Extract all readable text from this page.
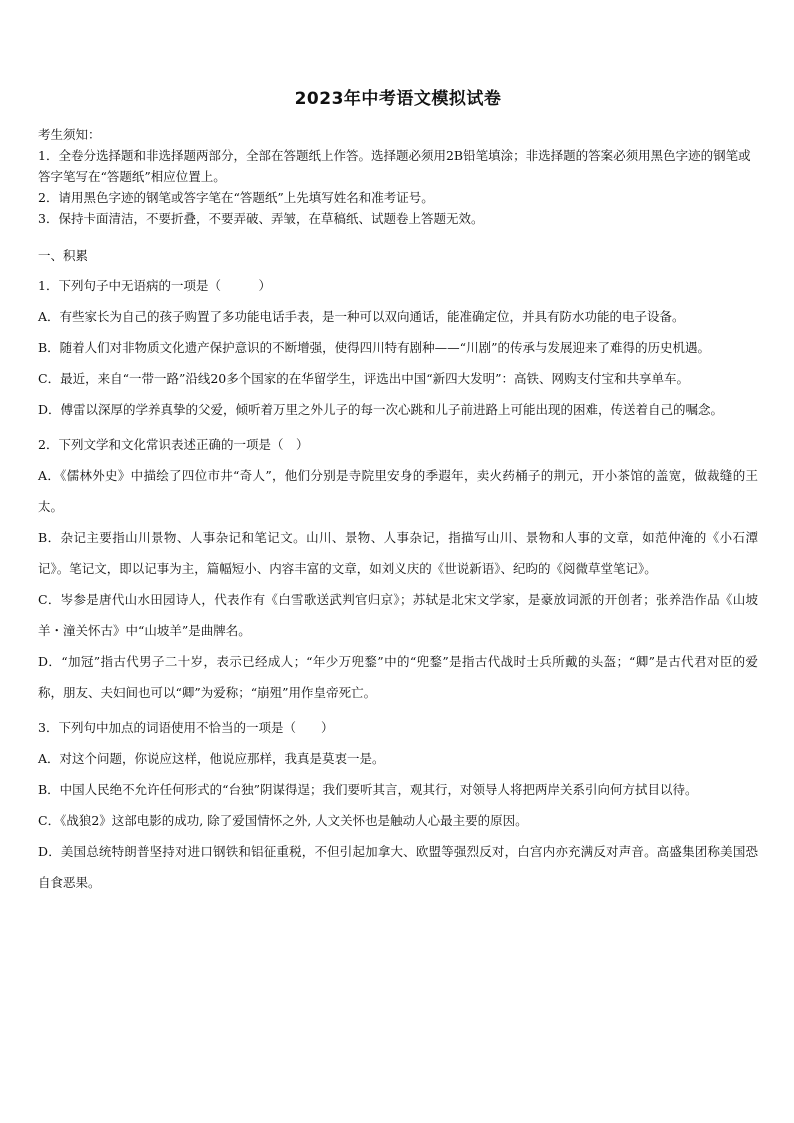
2023年中考语文模拟试卷

考生须知：

1．全卷分选择题和非选择题两部分，全部在答题纸上作答。选择题必须用2B铅笔填涂；非选择题的答案必须用黑色字迹的钢笔或答字笔写在“答题纸”相应位置上。

2．请用黑色字迹的钢笔或答字笔在“答题纸”上先填写姓名和准考证号。

3．保持卡面清洁，不要折叠，不要弄破、弄皱，在草稿纸、试题卷上答题无效。

一、积累

1．下列句子中无语病的一项是（　　　）

A．有些家长为自己的孩子购置了多功能电话手表，是一种可以双向通话，能准确定位，并具有防水功能的电子设备。

B．随着人们对非物质文化遗产保护意识的不断增强，使得四川特有剧种——“川剧”的传承与发展迎来了难得的历史机遇。

C．最近，来自“一带一路”沿线20多个国家的在华留学生，评选出中国“新四大发明”：高铁、网购支付宝和共享单车。

D．傅雷以深厚的学养真挚的父爱，倾听着万里之外儿子的每一次心跳和儿子前进路上可能出现的困难，传送着自己的嘱念。

2．下列文学和文化常识表述正确的一项是（　）

A．《儒林外史》中描绘了四位市井“奇人”，他们分别是寺院里安身的季遐年，卖火药桶子的荆元，开小茶馆的盖宽，做裁缝的王太。

B．杂记主要指山川景物、人事杂记和笔记文。山川、景物、人事杂记，指描写山川、景物和人事的文章，如范仲淹的《小石潭记》。笔记文，即以记事为主，篇幅短小、内容丰富的文章，如刘义庆的《世说新语》、纪昀的《阅微草堂笔记》。

C．岑参是唐代山水田园诗人，代表作有《白雪歌送武判官归京》；苏轼是北宋文学家，是豪放词派的开创者；张养浩作品《山坡羊・潼关怀古》中“山坡羊”是曲牌名。

D．“加冠”指古代男子二十岁，表示已经成人；“年少万兜鍪”中的“兜鍪”是指古代战时士兵所戴的头盔；“卿”是古代君对臣的爱称，朋友、夫妇间也可以“卿”为爱称；“崩殂”用作皇帝死亡。

3．下列句中加点的词语使用不恰当的一项是（　　）

A．对这个问题，你说应这样，他说应那样，我真是莫衷一是。

B．中国人民绝不允许任何形式的“台独”阴谋得逞；我们要听其言，观其行，对领导人将把两岸关系引向何方拭目以待。

C．《战狼2》这部电影的成功, 除了爱国情怀之外, 人文关怀也是触动人心最主要的原因。

D．美国总统特朗普坚持对进口钢铁和铝征重税，不但引起加拿大、欧盟等强烈反对，白宫内亦充满反对声音。高盛集团称美国恐自食恶果。
